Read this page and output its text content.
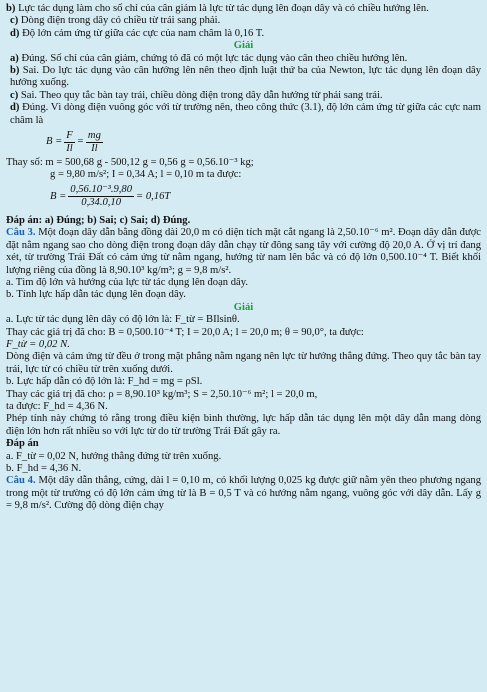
b) Lực tác dụng làm cho số chỉ của cân giảm là lực từ tác dụng lên đoạn dây và có chiều hướng lên.

c) Dòng điện trong dây có chiều từ trái sang phải.

d) Độ lớn cảm ứng từ giữa các cực của nam châm là 0,16 T.

Giải

a) Đúng. Số chỉ của cân giảm, chứng tỏ đã có một lực tác dụng vào cân theo chiều hướng lên.

b) Sai. Do lực tác dụng vào cân hướng lên nên theo định luật thứ ba của Newton, lực tác dụng lên đoạn dây hướng xuống.

c) Sai. Theo quy tắc bàn tay trái, chiều dòng điện trong dây dẫn hướng từ phải sang trái.

d) Đúng. Vì dòng điện vuông góc với từ trường nên, theo công thức (3.1), độ lớn cảm ứng từ giữa các cực nam châm là

$B = \frac{F}{Il} = \frac{mg}{Il}$

Thay số: m = 500,68 g - 500,12 g = 0,56 g = 0,56.10⁻³ kg;

g = 9,80 m/s²; I = 0,34 A; l = 0,10 m ta được:

$B = \frac{\text{0,56.10⁻³.9,80}}{0,34.0,10} = 0,16T$

Đáp án: a) Đúng; b) Sai; c) Sai; d) Đúng.

Câu 3. Một đoạn dây dẫn bằng đồng dài 20,0 m có diện tích mặt cắt ngang là 2,50.10⁻⁶ m². Đoạn dây dẫn được đặt nằm ngang sao cho dòng điện trong đoạn dây dẫn chạy từ đông sang tây với cường độ 20,0 A. Ở vị trí đang xét, từ trường Trái Đất có cảm ứng từ nằm ngang, hướng từ nam lên bắc và có độ lớn 0,500.10⁻⁴ T. Biết khối lượng riêng của đồng là 8,90.10³ kg/m³; g = 9,8 m/s².

a. Tìm độ lớn và hướng của lực từ tác dụng lên đoạn dây.

b. Tính lực hấp dẫn tác dụng lên đoạn dây.

Giải

a. Lực từ tác dụng lên dây có độ lớn là: F_từ = BIlsinθ.

Thay các giá trị đã cho: B = 0,500.10⁻⁴ T; I = 20,0 A; l = 20,0 m; θ = 90,0°, ta được:

F_từ = 0,02 N.

Dòng điện và cảm ứng từ đều ở trong mặt phẳng nằm ngang nên lực từ hướng thẳng đứng. Theo quy tắc bàn tay trái, lực từ có chiều từ trên xuống dưới.

b. Lực hấp dẫn có độ lớn là: F_hd = mg = ρSl.

Thay các giá trị đã cho: ρ = 8,90.10³ kg/m³; S = 2,50.10⁻⁶ m²; l = 20,0 m,

ta được: F_hd = 4,36 N.

Phép tính này chứng tỏ rằng trong điều kiện bình thường, lực hấp dẫn tác dụng lên một dây dẫn mang dòng điện lớn hơn rất nhiều so với lực từ do từ trường Trái Đất gây ra.

Đáp án

a. F_từ = 0,02 N, hướng thẳng đứng từ trên xuống.

b. F_hd = 4,36 N.

Câu 4. Một dây dẫn thẳng, cứng, dài l = 0,10 m, có khối lượng 0,025 kg được giữ nằm yên theo phương ngang trong một từ trường có độ lớn cảm ứng từ là B = 0,5 T và có hướng nằm ngang, vuông góc với dây dẫn. Lấy g = 9,8 m/s². Cường độ dòng điện chạy
